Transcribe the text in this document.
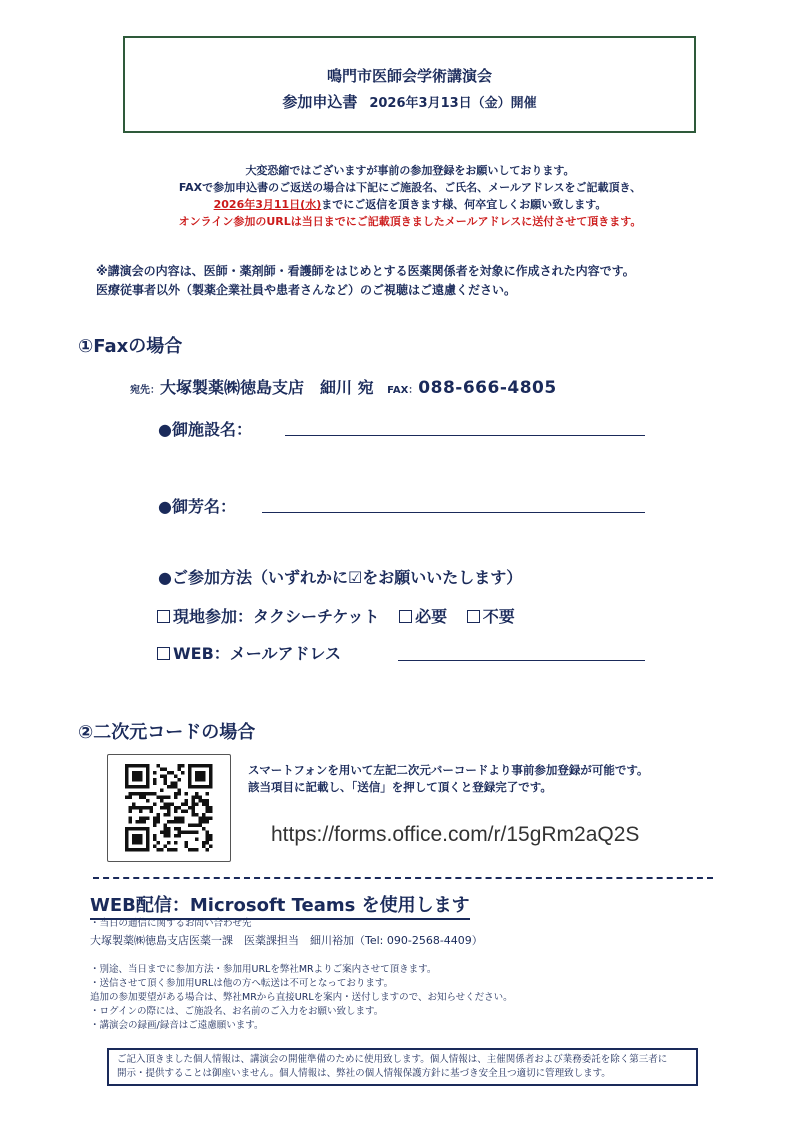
鳴門市医師会学術講演会
参加申込書 2026年3月13日（金）開催
大変恐縮ではございますが事前の参加登録をお願いしております。
FAXで参加申込書のご返送の場合は下記にご施設名、ご氏名、メールアドレスをご記載頂き、
2026年3月11日(水)までにご返信を頂きます様、何卒宜しくお願い致します。
オンライン参加のURLは当日までにご記載頂きましたメールアドレスに送付させて頂きます。
※講演会の内容は、医師・薬剤師・看護師をはじめとする医薬関係者を対象に作成された内容です。
医療従事者以外（製薬企業社員や患者さんなど）のご視聴はご遠慮ください。
①Faxの場合
宛先：大塚製薬㈱徳島支店　細川 宛 FAX：088-666-4805
●御施設名：
●御芳名：
●ご参加方法（いずれかに☑をお願いいたします）
現地参加：タクシーチケット 必要 不要
WEB：メールアドレス
②二次元コードの場合
スマートフォンを用いて左記二次元バーコードより事前参加登録が可能です。
該当項目に記載し、「送信」を押して頂くと登録完了です。
https://forms.office.com/r/15gRm2aQ2S
WEB配信：Microsoft Teams を使用します
・当日の通信に関するお問い合わせ先
大塚製薬㈱徳島支店医薬一課　医薬課担当　細川裕加（Tel: 090-2568-4409）
・別途、当日までに参加方法・参加用URLを弊社MRよりご案内させて頂きます。
・送信させて頂く参加用URLは他の方へ転送は不可となっております。
追加の参加要望がある場合は、弊社MRから直接URLを案内・送付しますので、お知らせください。
・ログインの際には、ご施設名、お名前のご入力をお願い致します。
・講演会の録画/録音はご遠慮願います。
ご記入頂きました個人情報は、講演会の開催準備のために使用致します。個人情報は、主催関係者および業務委託を除く第三者に
開示・提供することは御座いません。個人情報は、弊社の個人情報保護方針に基づき安全且つ適切に管理致します。
